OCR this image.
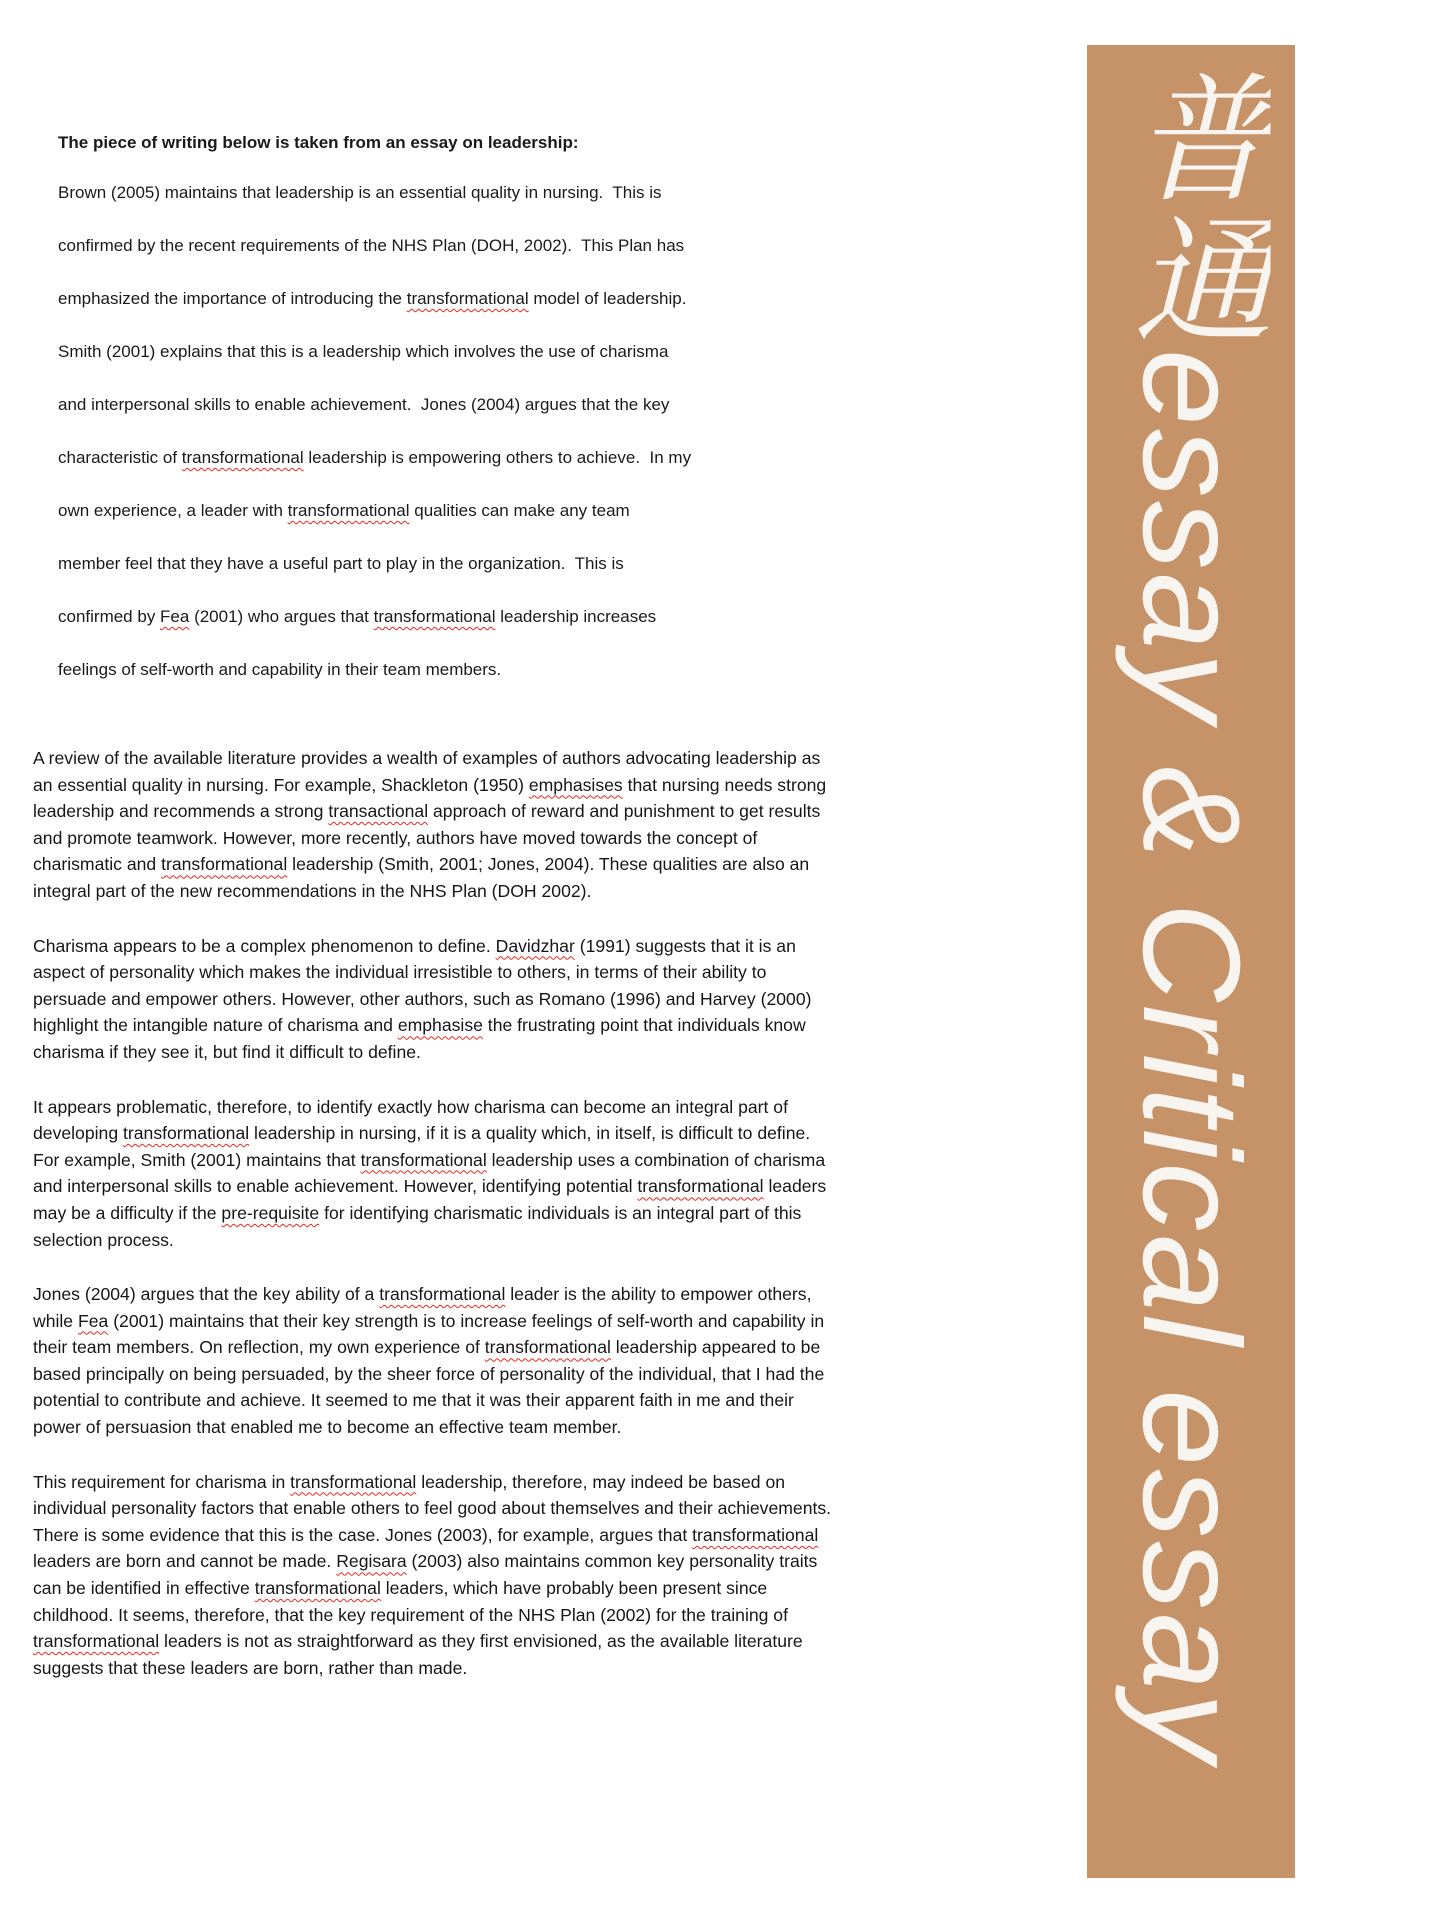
The piece of writing below is taken from an essay on leadership:

Brown (2005) maintains that leadership is an essential quality in nursing.  This is
confirmed by the recent requirements of the NHS Plan (DOH, 2002).  This Plan has
emphasized the importance of introducing the transformational model of leadership.
Smith (2001) explains that this is a leadership which involves the use of charisma
and interpersonal skills to enable achievement.  Jones (2004) argues that the key
characteristic of transformational leadership is empowering others to achieve.  In my
own experience, a leader with transformational qualities can make any team
member feel that they have a useful part to play in the organization.  This is
confirmed by Fea (2001) who argues that transformational leadership increases
feelings of self-worth and capability in their team members.

A review of the available literature provides a wealth of examples of authors advocating leadership as an essential quality in nursing. For example, Shackleton (1950) emphasises that nursing needs strong leadership and recommends a strong transactional approach of reward and punishment to get results and promote teamwork. However, more recently, authors have moved towards the concept of charismatic and transformational leadership (Smith, 2001; Jones, 2004). These qualities are also an integral part of the new recommendations in the NHS Plan (DOH 2002).

Charisma appears to be a complex phenomenon to define. Davidzhar (1991) suggests that it is an aspect of personality which makes the individual irresistible to others, in terms of their ability to persuade and empower others. However, other authors, such as Romano (1996) and Harvey (2000) highlight the intangible nature of charisma and emphasise the frustrating point that individuals know charisma if they see it, but find it difficult to define.

It appears problematic, therefore, to identify exactly how charisma can become an integral part of developing transformational leadership in nursing, if it is a quality which, in itself, is difficult to define. For example, Smith (2001) maintains that transformational leadership uses a combination of charisma and interpersonal skills to enable achievement. However, identifying potential transformational leaders may be a difficulty if the pre-requisite for identifying charismatic individuals is an integral part of this selection process.

Jones (2004) argues that the key ability of a transformational leader is the ability to empower others, while Fea (2001) maintains that their key strength is to increase feelings of self-worth and capability in their team members. On reflection, my own experience of transformational leadership appeared to be based principally on being persuaded, by the sheer force of personality of the individual, that I had the potential to contribute and achieve. It seemed to me that it was their apparent faith in me and their power of persuasion that enabled me to become an effective team member.

This requirement for charisma in transformational leadership, therefore, may indeed be based on individual personality factors that enable others to feel good about themselves and their achievements. There is some evidence that this is the case. Jones (2003), for example, argues that transformational leaders are born and cannot be made. Regisara (2003) also maintains common key personality traits can be identified in effective transformational leaders, which have probably been present since childhood. It seems, therefore, that the key requirement of the NHS Plan (2002) for the training of transformational leaders is not as straightforward as they first envisioned, as the available literature suggests that these leaders are born, rather than made.	普通essay & Critical essay
